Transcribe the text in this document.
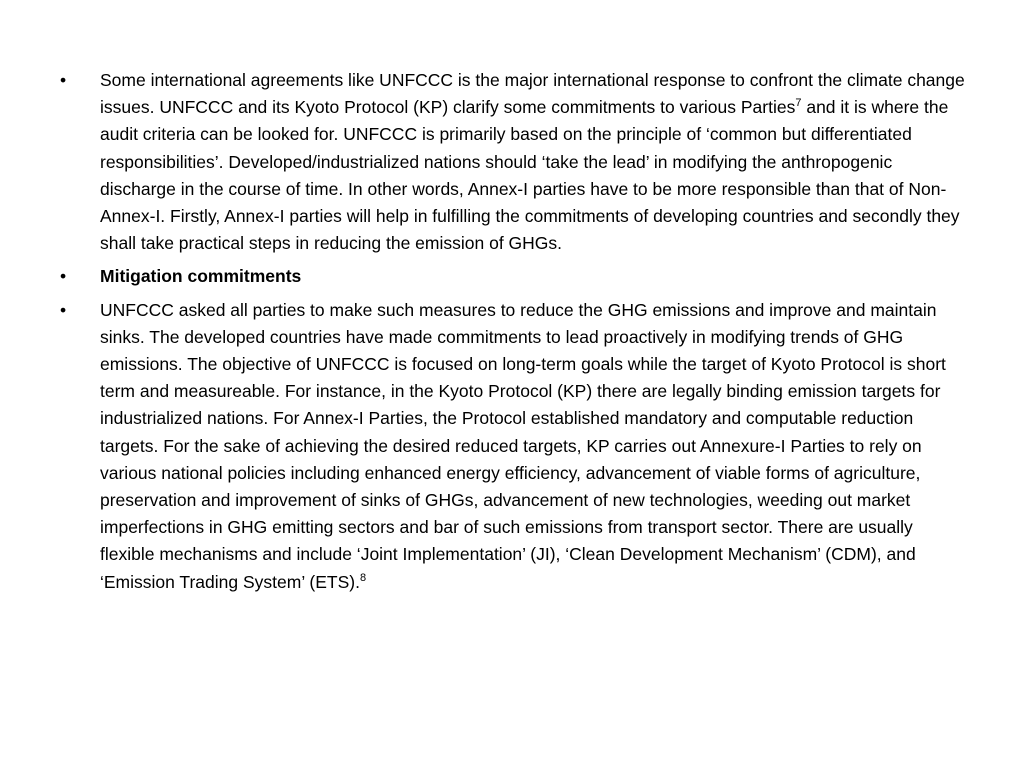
•	Some international agreements like UNFCCC is the major international response to confront the climate change issues. UNFCCC and its Kyoto Protocol (KP) clarify some commitments to various Parties$^7$ and it is where the audit criteria can be looked for. UNFCCC is primarily based on the principle of ‘common but differentiated responsibilities’. Developed/industrialized nations should ‘take the lead’ in modifying the anthropogenic discharge in the course of time. In other words, Annex-I parties have to be more responsible than that of Non-Annex-I. Firstly, Annex-I parties will help in fulfilling the commitments of developing countries and secondly they shall take practical steps in reducing the emission of GHGs.
•	Mitigation commitments
•	UNFCCC asked all parties to make such measures to reduce the GHG emissions and improve and maintain sinks. The developed countries have made commitments to lead proactively in modifying trends of GHG emissions. The objective of UNFCCC is focused on long-term goals while the target of Kyoto Protocol is short term and measureable. For instance, in the Kyoto Protocol (KP) there are legally binding emission targets for industrialized nations. For Annex-I Parties, the Protocol established mandatory and computable reduction targets. For the sake of achieving the desired reduced targets, KP carries out Annexure-I Parties to rely on various national policies including enhanced energy efficiency, advancement of viable forms of agriculture, preservation and improvement of sinks of GHGs, advancement of new technologies, weeding out market imperfections in GHG emitting sectors and bar of such emissions from transport sector. There are usually flexible mechanisms and include ‘Joint Implementation’ (JI), ‘Clean Development Mechanism’ (CDM), and ‘Emission Trading System’ (ETS).$^8$
